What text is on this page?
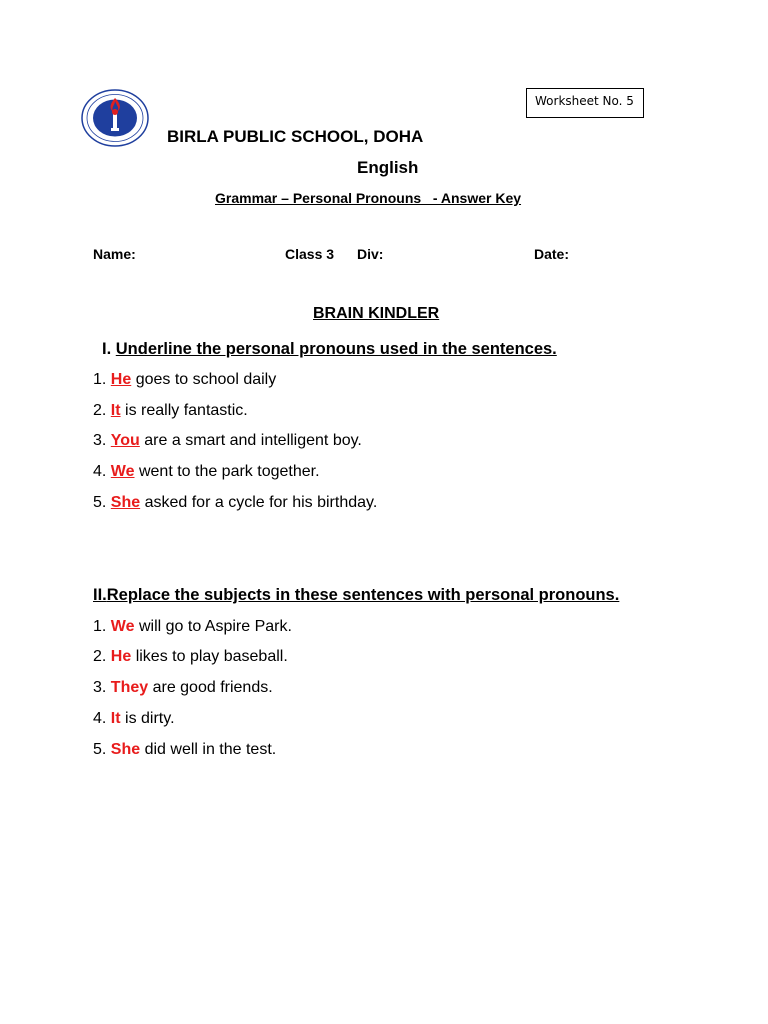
Worksheet No. 5
BIRLA PUBLIC SCHOOL, DOHA
English
Grammar – Personal Pronouns _- Answer Key
Name:	Class 3 Div:	Date:
BRAIN KINDLER
I. Underline the personal pronouns used in the sentences.
1. He goes to school daily
2. It is really fantastic.
3. You are a smart and intelligent boy.
4. We went to the park together.
5. She asked for a cycle for his birthday.
II.Replace the subjects in these sentences with personal pronouns.
1. We will go to Aspire Park.
2. He likes to play baseball.
3. They are good friends.
4. It is dirty.
5. She did well in the test.
